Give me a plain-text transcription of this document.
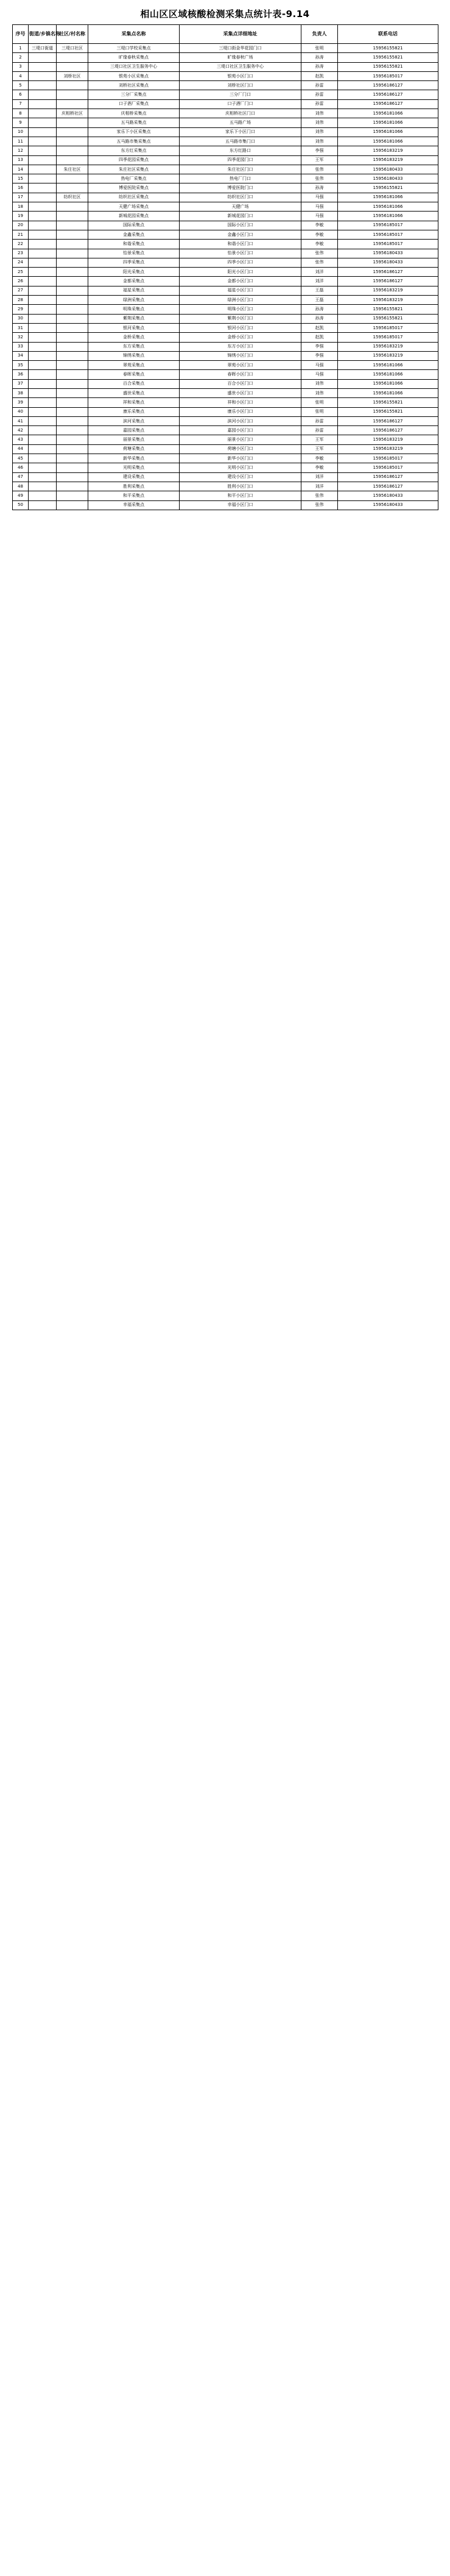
相山区区域核酸检测采集点统计表-9.14
序号	街道/乡镇名称	社区/村名称	采集点名称	采集点详细地址	负责人	联系电话
1	三堤口街道	三堤口社区	三堤口学校采集点	三堤口街金华花园门口	张明	15956155821
2			旷缘春秋采集点	旷缘春秋广场	孙涛	15956155821
3			三堤口社区卫生服务中心	三堤口社区卫生服务中心	孙涛	15956155821
4		刘桥社区	银苑小区采集点	银苑小区门口	赵凯	15956185017
5			刘桥社区采集点	刘桥社区门口	孙雷	15956186127
6			三分厂采集点	三分厂门口	孙雷	15956186127
7			口子酒厂采集点	口子酒厂门口	孙雷	15956186127
8		庆相桥社区	庆相桥采集点	庆相桥社区门口	刘伟	15956181066
9			五马路采集点	五马路广场	刘伟	15956181066
10			家乐下小区采集点	家乐下小区门口	刘伟	15956181066
11			五马路市集采集点	五马路市集门口	刘伟	15956181066
12			东方红采集点	东方红路口	李强	15956183219
13			四季花园采集点	四季花园门口	王军	15956183219
14		朱庄社区	朱庄社区采集点	朱庄社区门口	张伟	15956180433
15			热电厂采集点	热电厂门口	张伟	15956180433
16			博爱医院采集点	博爱医院门口	孙涛	15956155821
17		纺织社区	纺织社区采集点	纺织社区门口	马强	15956181066
18			天健广场采集点	天健广场	马强	15956181066
19			新城花园采集点	新城花园门口	马强	15956181066
20			国际采集点	国际小区门口	李敏	15956185017
21			金鑫采集点	金鑫小区门口	李敏	15956185017
22			和谐采集点	和谐小区门口	李敏	15956185017
23			怡景采集点	怡景小区门口	张伟	15956180433
24			四季采集点	四季小区门口	张伟	15956180433
25			阳光采集点	阳光小区门口	刘洋	15956186127
26			金都采集点	金都小区门口	刘洋	15956186127
27			福星采集点	福星小区门口	王磊	15956183219
28			绿洲采集点	绿洲小区门口	王磊	15956183219
29			明珠采集点	明珠小区门口	孙涛	15956155821
30			紫荆采集点	紫荆小区门口	孙涛	15956155821
31			银河采集点	银河小区门口	赵凯	15956185017
32			金桥采集点	金桥小区门口	赵凯	15956185017
33			东方采集点	东方小区门口	李强	15956183219
34			锦绣采集点	锦绣小区门口	李强	15956183219
35			翠苑采集点	翠苑小区门口	马强	15956181066
36			春晖采集点	春晖小区门口	马强	15956181066
37			百合采集点	百合小区门口	刘伟	15956181066
38			盛世采集点	盛世小区门口	刘伟	15956181066
39			祥和采集点	祥和小区门口	张明	15956155821
40			康乐采集点	康乐小区门口	张明	15956155821
41			滨河采集点	滨河小区门口	孙雷	15956186127
42			嘉园采集点	嘉园小区门口	孙雷	15956186127
43			丽景采集点	丽景小区门口	王军	15956183219
44			荷塘采集点	荷塘小区门口	王军	15956183219
45			新华采集点	新华小区门口	李敏	15956185017
46			光明采集点	光明小区门口	李敏	15956185017
47			建设采集点	建设小区门口	刘洋	15956186127
48			胜利采集点	胜利小区门口	刘洋	15956186127
49			和平采集点	和平小区门口	张伟	15956180433
50			幸福采集点	幸福小区门口	张伟	15956180433
